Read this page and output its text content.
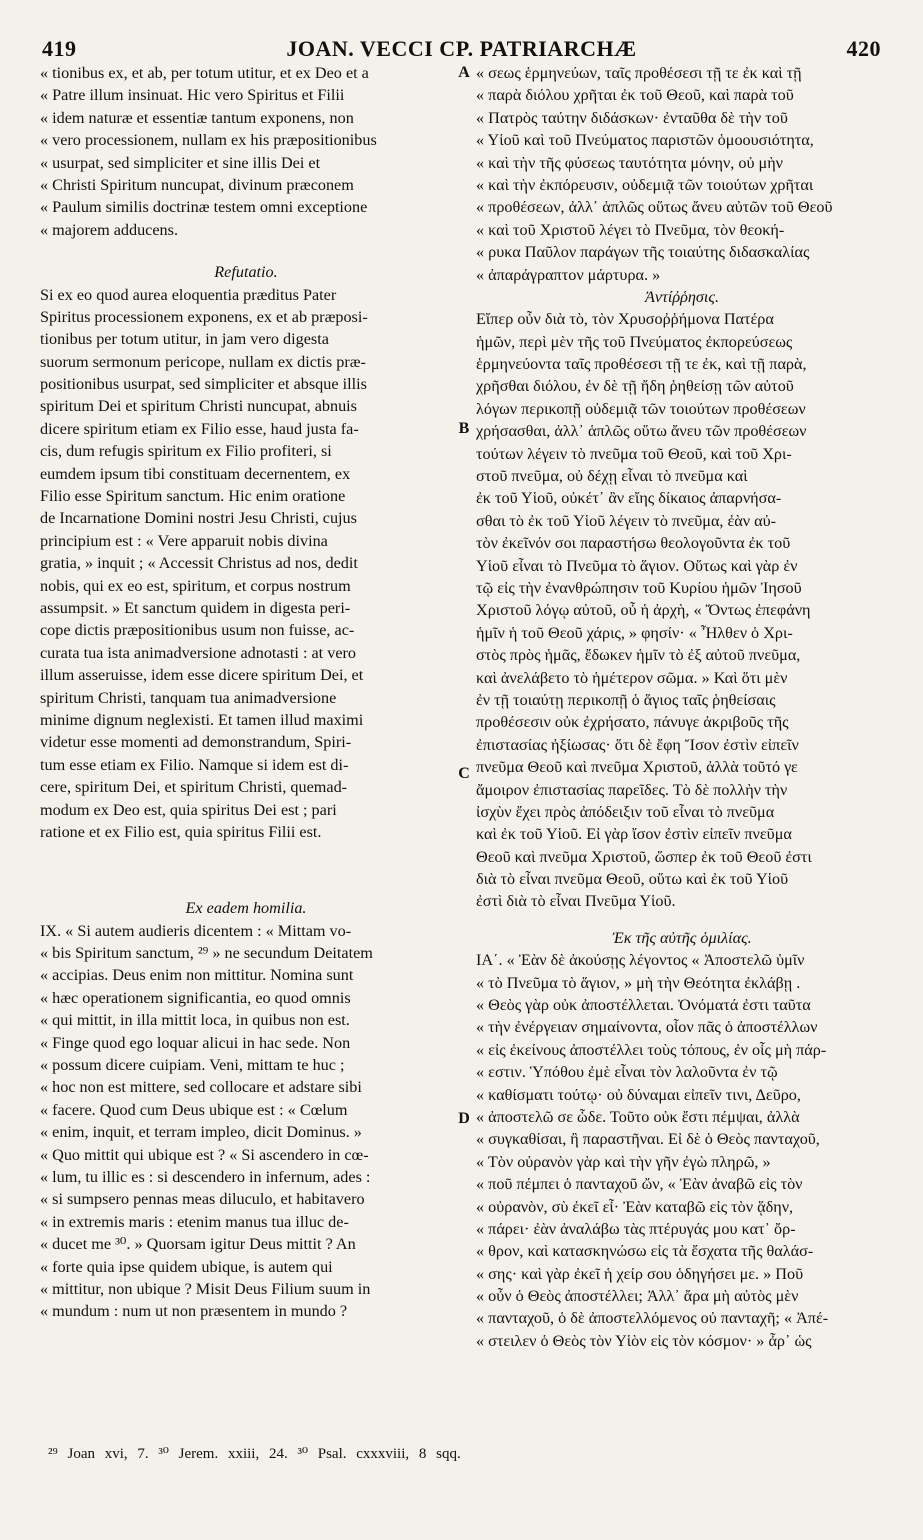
419	JOAN. VECCI CP. PATRIARCHÆ	420
« tionibus ex, et ab, per totum utitur, et ex Deo et a
« Patre illum insinuat. Hic vero Spiritus et Filii
« idem naturæ et essentiæ tantum exponens, non
« vero processionem, nullam ex his præpositionibus
« usurpat, sed simpliciter et sine illis Dei et
« Christi Spiritum nuncupat, divinum præconem
« Paulum similis doctrinæ testem omni exceptione
« majorem adducens.
Refutatio.
Si ex eo quod aurea eloquentia præditus Pater
Spiritus processionem exponens, ex et ab præposi-
tionibus per totum utitur, in jam vero digesta
suorum sermonum pericope, nullam ex dictis præ-
positionibus usurpat, sed simpliciter et absque illis
spiritum Dei et spiritum Christi nuncupat, abnuis
dicere spiritum etiam ex Filio esse, haud justa fa-
cis, dum refugis spiritum ex Filio profiteri, si
eumdem ipsum tibi constituam decernentem, ex
Filio esse Spiritum sanctum. Hic enim oratione
de Incarnatione Domini nostri Jesu Christi, cujus
principium est : « Vere apparuit nobis divina
gratia, » inquit ; « Accessit Christus ad nos, dedit
nobis, qui ex eo est, spiritum, et corpus nostrum
assumpsit. » Et sanctum quidem in digesta peri-
cope dictis præpositionibus usum non fuisse, ac-
curata tua ista animadversione adnotasti : at vero
illum asseruisse, idem esse dicere spiritum Dei, et
spiritum Christi, tanquam tua animadversione
minime dignum neglexisti. Et tamen illud maximi
videtur esse momenti ad demonstrandum, Spiri-
tum esse etiam ex Filio. Namque si idem est di-
cere, spiritum Dei, et spiritum Christi, quemad-
modum ex Deo est, quia spiritus Dei est ; pari
ratione et ex Filio est, quia spiritus Filii est.
Ex eadem homilia.
IX. « Si autem audieris dicentem : « Mittam vo-
« bis Spiritum sanctum, ²⁹ » ne secundum Deitatem
« accipias. Deus enim non mittitur. Nomina sunt
« hæc operationem significantia, eo quod omnis
« qui mittit, in illa mittit loca, in quibus non est.
« Finge quod ego loquar alicui in hac sede. Non
« possum dicere cuipiam. Veni, mittam te huc ;
« hoc non est mittere, sed collocare et adstare sibi
« facere. Quod cum Deus ubique est : « Cœlum
« enim, inquit, et terram impleo, dicit Dominus. »
« Quo mittit qui ubique est ? « Si ascendero in cœ-
« lum, tu illic es : si descendero in infernum, ades :
« si sumpsero pennas meas diluculo, et habitavero
« in extremis maris : etenim manus tua illuc de-
« ducet me ³⁰. » Quorsam igitur Deus mittit ? An
« forte quia ipse quidem ubique, is autem qui
« mittitur, non ubique ? Misit Deus Filium suum in
« mundum : num ut non præsentem in mundo ?
A
B
C
D
« σεως ἑρμηνεύων, ταῖς προθέσεσι τῇ τε ἐκ καὶ τῇ
« παρὰ διόλου χρῆται ἐκ τοῦ Θεοῦ, καὶ παρὰ τοῦ
« Πατρὸς ταύτην διδάσκων· ἐνταῦθα δὲ τὴν τοῦ
« Υἱοῦ καὶ τοῦ Πνεύματος παριστῶν ὁμοουσιότητα,
« καὶ τὴν τῆς φύσεως ταυτότητα μόνην, οὐ μὴν
« καὶ τὴν ἐκπόρευσιν, οὐδεμιᾷ τῶν τοιούτων χρῆται
« προθέσεων, ἀλλ᾽ ἁπλῶς οὕτως ἄνευ αὐτῶν τοῦ Θεοῦ
« καὶ τοῦ Χριστοῦ λέγει τὸ Πνεῦμα, τὸν θεοκή-
« ρυκα Παῦλον παράγων τῆς τοιαύτης διδασκαλίας
« ἀπαράγραπτον μάρτυρα. »
Ἀντίῤῥησις.
Εἴπερ οὖν διὰ τὸ, τὸν Χρυσοῤῥήμονα Πατέρα
ἡμῶν, περὶ μὲν τῆς τοῦ Πνεύματος ἐκπορεύσεως
ἑρμηνεύοντα ταῖς προθέσεσι τῇ τε ἐκ, καὶ τῇ παρὰ,
χρῆσθαι διόλου, ἐν δὲ τῇ ἤδη ῥηθείσῃ τῶν αὐτοῦ
λόγων περικοπῇ οὐδεμιᾷ τῶν τοιούτων προθέσεων
χρήσασθαι, ἀλλ᾽ ἁπλῶς οὕτω ἄνευ τῶν προθέσεων
τούτων λέγειν τὸ πνεῦμα τοῦ Θεοῦ, καὶ τοῦ Χρι-
στοῦ πνεῦμα, οὐ δέχῃ εἶναι τὸ πνεῦμα καὶ
ἐκ τοῦ Υἱοῦ, οὐκέτ᾽ ἂν εἴης δίκαιος ἀπαρνήσα-
σθαι τὸ ἐκ τοῦ Υἱοῦ λέγειν τὸ πνεῦμα, ἐὰν αὐ-
τὸν ἐκεῖνόν σοι παραστήσω θεολογοῦντα ἐκ τοῦ
Υἱοῦ εἶναι τὸ Πνεῦμα τὸ ἅγιον. Οὕτως καὶ γὰρ ἐν
τῷ εἰς τὴν ἐνανθρώπησιν τοῦ Κυρίου ἡμῶν Ἰησοῦ
Χριστοῦ λόγῳ αὐτοῦ, οὗ ἡ ἀρχὴ, « Ὄντως ἐπεφάνη
ἡμῖν ἡ τοῦ Θεοῦ χάρις, » φησίν· « Ἦλθεν ὁ Χρι-
στὸς πρὸς ἡμᾶς, ἔδωκεν ἡμῖν τὸ ἐξ αὐτοῦ πνεῦμα,
καὶ ἀνελάβετο τὸ ἡμέτερον σῶμα. » Καὶ ὅτι μὲν
ἐν τῇ τοιαύτῃ περικοπῇ ὁ ἅγιος ταῖς ῥηθείσαις
προθέσεσιν οὐκ ἐχρήσατο, πάνυγε ἀκριβοῦς τῆς
ἐπιστασίας ἠξίωσας· ὅτι δὲ ἔφη Ἴσον ἐστὶν εἰπεῖν
πνεῦμα Θεοῦ καὶ πνεῦμα Χριστοῦ, ἀλλὰ τοῦτό γε
ἄμοιρον ἐπιστασίας παρεῖδες. Τὸ δὲ πολλὴν τὴν
ἰσχὺν ἔχει πρὸς ἀπόδειξιν τοῦ εἶναι τὸ πνεῦμα
καὶ ἐκ τοῦ Υἱοῦ. Εἰ γὰρ ἴσον ἐστὶν εἰπεῖν πνεῦμα
Θεοῦ καὶ πνεῦμα Χριστοῦ, ὥσπερ ἐκ τοῦ Θεοῦ ἐστι
διὰ τὸ εἶναι πνεῦμα Θεοῦ, οὕτω καὶ ἐκ τοῦ Υἱοῦ
ἐστὶ διὰ τὸ εἶναι Πνεῦμα Υἱοῦ.
Ἐκ τῆς αὐτῆς ὁμιλίας.
ΙΑ΄. « Ἐὰν δὲ ἀκούσῃς λέγοντος « Ἀποστελῶ ὑμῖν
« τὸ Πνεῦμα τὸ ἅγιον, » μὴ τὴν Θεότητα ἐκλάβῃ .
« Θεὸς γὰρ οὐκ ἀποστέλλεται. Ὀνόματά ἐστι ταῦτα
« τὴν ἐνέργειαν σημαίνοντα, οἷον πᾶς ὁ ἀποστέλλων
« εἰς ἐκείνους ἀποστέλλει τοὺς τόπους, ἐν οἷς μὴ πάρ-
« εστιν. Ὑπόθου ἐμὲ εἶναι τὸν λαλοῦντα ἐν τῷ
« καθίσματι τούτῳ· οὐ δύναμαι εἰπεῖν τινι, Δεῦρο,
« ἀποστελῶ σε ὧδε. Τοῦτο οὐκ ἔστι πέμψαι, ἀλλὰ
« συγκαθίσαι, ἢ παραστῆναι. Εἰ δὲ ὁ Θεὸς πανταχοῦ,
« Τὸν οὐρανὸν γὰρ καὶ τὴν γῆν ἐγὼ πληρῶ, »
« ποῦ πέμπει ὁ πανταχοῦ ὤν, « Ἐὰν ἀναβῶ εἰς τὸν
« οὐρανὸν, σὺ ἐκεῖ εἶ· Ἐὰν καταβῶ εἰς τὸν ᾅδην,
« πάρει· ἐὰν ἀναλάβω τὰς πτέρυγάς μου κατ᾽ ὄρ-
« θρον, καὶ κατασκηνώσω εἰς τὰ ἔσχατα τῆς θαλάσ-
« σης· καὶ γὰρ ἐκεῖ ἡ χείρ σου ὁδηγήσει με. » Ποῦ
« οὖν ὁ Θεὸς ἀποστέλλει; Ἀλλ᾽ ἄρα μὴ αὐτὸς μὲν
« πανταχοῦ, ὁ δὲ ἀποστελλόμενος οὐ πανταχῆ; « Ἀπέ-
« στειλεν ὁ Θεὸς τὸν Υἱὸν εἰς τὸν κόσμον· » ἆρ᾽ ὡς
²⁹ Joan xvi, 7. ³⁰ Jerem. xxiii, 24. ³⁰ Psal. cxxxviii, 8 sqq.
